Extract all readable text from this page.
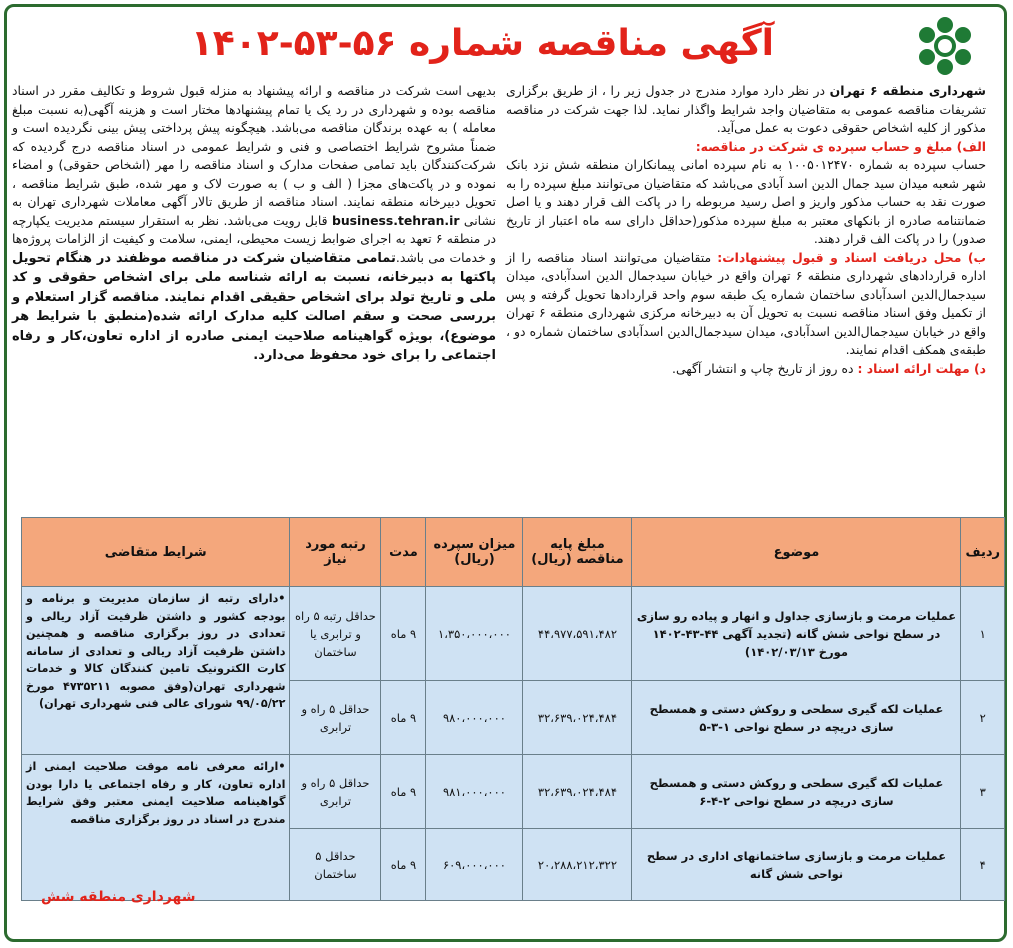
آگهی مناقصه شماره ۵۶-۵۳-۱۴۰۲

شهرداری منطقه ۶ تهران در نظر دارد موارد مندرج در جدول زیر را ، از طریق برگزاری تشریفات مناقصه عمومی به متقاضیان واجد شرایط واگذار نماید. لذا جهت شرکت در مناقصه مذکور از کلیه اشخاص حقوقی دعوت به عمل می‌آید.

الف) مبلغ و حساب سپرده ی شرکت در مناقصه:

حساب سپرده به شماره ۱۰۰۵۰۱۲۴۷۰ به نام سپرده امانی پیمانکاران منطقه شش نزد بانک شهر شعبه میدان سید جمال الدین اسد آبادی می‌باشد که متقاضیان می‌توانند مبلغ سپرده را به صورت نقد به حساب مذکور واریز و اصل رسید مربوطه را در پاکت الف قرار دهند و یا اصل ضمانتنامه صادره از بانکهای معتبر به مبلغ سپرده مذکور(حداقل دارای سه ماه اعتبار از تاریخ صدور) را در پاکت الف قرار دهند.

ب) محل دریافت اسناد و قبول پیشنهادات: متقاضیان می‌توانند اسناد مناقصه را از اداره قراردادهای شهرداری منطقه ۶ تهران واقع در خیابان سیدجمال الدین اسدآبادی، میدان سیدجمال‌الدین اسدآبادی ساختمان شماره یک طبقه سوم واحد قراردادها تحویل گرفته و پس از تکمیل وفق اسناد مناقصه نسبت به تحویل آن به دبیرخانه مرکزی شهرداری منطقه ۶ تهران واقع در خیابان سیدجمال‌الدین اسدآبادی، میدان سیدجمال‌الدین اسدآبادی ساختمان شماره دو ، طبقه‌ی همکف اقدام نمایند.

د) مهلت ارائه اسناد : ده روز از تاریخ چاپ و انتشار آگهی.

بدیهی است شرکت در مناقصه و ارائه پیشنهاد به منزله قبول شروط و تکالیف مقرر در اسناد مناقصه بوده و شهرداری در رد یک یا تمام پیشنهادها مختار است و هزینه آگهی(به نسبت مبلغ معامله ) به عهده برندگان مناقصه می‌باشد. هیچگونه پیش پرداختی پیش بینی نگردیده است و ضمناً مشروح شرایط اختصاصی و فنی و شرایط عمومی در اسناد مناقصه درج گردیده که شرکت‌کنندگان باید تمامی صفحات مدارک و اسناد مناقصه را مهر (اشخاص حقوقی) و امضاء نموده و در پاکت‌های مجزا ( الف و ب ) به صورت لاک و مهر شده، طبق شرایط مناقصه ، تحویل دبیرخانه منطقه نمایند. اسناد مناقصه از طریق تالار آگهی معاملات شهرداری تهران به نشانی business.tehran.ir قابل رویت می‌باشد. نظر به استقرار سیستم مدیریت یکپارچه در منطقه ۶ تعهد به اجرای ضوابط زیست محیطی، ایمنی، سلامت و کیفیت از الزامات پروژه‌ها و خدمات می باشد.تمامی متقاضیان شرکت در مناقصه موظفند در هنگام تحویل پاکتها به دبیرخانه، نسبت به ارائه شناسه ملی برای اشخاص حقوقی و کد ملی و تاریخ تولد برای اشخاص حقیقی اقدام نمایند. مناقصه گزار استعلام و بررسی صحت و سقم اصالت کلیه مدارک ارائه شده(منطبق با شرایط هر موضوع)، بویژه گواهینامه صلاحیت ایمنی صادره از اداره تعاون،کار و رفاه اجتماعی را برای خود محفوظ می‌دارد.

ردیف	موضوع	مبلغ پایه مناقصه (ریال)	میزان سپرده (ریال)	مدت	رتبه مورد نیاز	شرایط متقاضی
۱	عملیات مرمت و بازسازی جداول و انهار و پیاده رو سازی در سطح نواحی شش گانه (تجدید آگهی ۴۴-۴۳-۱۴۰۲ مورخ ۱۴۰۲/۰۳/۱۳)	۴۴،۹۷۷،۵۹۱،۴۸۲	۱،۳۵۰،۰۰۰،۰۰۰	۹ ماه	حداقل رتبه ۵ راه و ترابری یا ساختمان	•دارای رتبه از سازمان مدیریت و برنامه و بودجه کشور و داشتن ظرفیت آزاد ریالی و تعدادی در روز برگزاری مناقصه و همچنین داشتن ظرفیت آزاد ریالی و تعدادی از سامانه کارت الکترونیک تامین کنندگان کالا و خدمات شهرداری تهران(وفق مصوبه ۴۷۳۵۲۱۱ مورخ ۹۹/۰۵/۲۲ شورای عالی فنی شهرداری تهران)
۲	عملیات لکه گیری سطحی و روکش دستی و همسطح سازی دریچه در سطح نواحی ۱-۳-۵	۳۲،۶۳۹،۰۲۴،۴۸۴	۹۸۰،۰۰۰،۰۰۰	۹ ماه	حداقل ۵ راه و ترابری	
۳	عملیات لکه گیری سطحی و روکش دستی و همسطح سازی دریچه در سطح نواحی ۲-۴-۶	۳۲،۶۳۹،۰۲۴،۴۸۴	۹۸۱،۰۰۰،۰۰۰	۹ ماه	حداقل ۵ راه و ترابری	•ارائه معرفی نامه موقت صلاحیت ایمنی از اداره تعاون، کار و رفاه اجتماعی یا دارا بودن گواهینامه صلاحیت ایمنی معتبر وفق شرایط مندرج در اسناد در روز برگزاری مناقصه
۴	عملیات مرمت و بازسازی ساختمانهای اداری در سطح نواحی شش گانه	۲۰،۲۸۸،۲۱۲،۳۲۲	۶۰۹،۰۰۰،۰۰۰	۹ ماه	حداقل ۵ ساختمان	
شهرداری منطقه شش
